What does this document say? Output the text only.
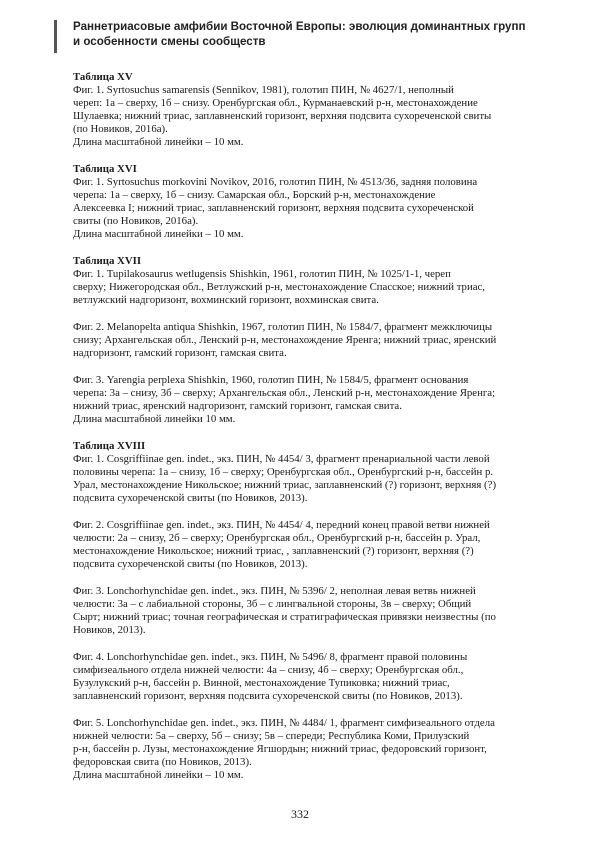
Раннетриасовые амфибии Восточной Европы: эволюция доминантных групп
и особенности смены сообществ
Таблица XV
Фиг. 1. Syrtosuchus samarensis (Sennikov, 1981), голотип ПИН, № 4627/1, неполный
череп: 1а – сверху, 1б – снизу. Оренбургская обл., Курманаевский р-н, местонахождение
Шулаевка; нижний триас, заплавненский горизонт, верхняя подсвита сухореченской свиты
(по Новиков, 2016а).
Длина масштабной линейки – 10 мм.
Таблица XVI
Фиг. 1. Syrtosuchus morkovini Novikov, 2016, голотип ПИН, № 4513/36, задняя половина
черепа: 1а – сверху, 1б – снизу. Самарская обл., Борский р-н, местонахождение
Алексеевка I; нижний триас, заплавненский горизонт, верхняя подсвита сухореченской
свиты (по Новиков, 2016а).
Длина масштабной линейки – 10 мм.
Таблица XVII
Фиг. 1. Tupilakosaurus wetlugensis Shishkin, 1961, голотип ПИН, № 1025/1-1, череп
сверху; Нижегородская обл., Ветлужский р-н, местонахождение Спасское; нижний триас,
ветлужский надгоризонт, вохминский горизонт, вохминская свита.
Фиг. 2. Melanopelta antiqua Shishkin, 1967, голотип ПИН, № 1584/7, фрагмент межключицы
снизу; Архангельская обл., Ленский р-н, местонахождение Яренга; нижний триас, яренский
надгоризонт, гамский горизонт, гамская свита.
Фиг. 3. Yarengia perplexa Shishkin, 1960, голотип ПИН, № 1584/5, фрагмент основания
черепа: 3а – снизу, 3б – сверху; Архангельская обл., Ленский р-н, местонахождение Яренга;
нижний триас, яренский надгоризонт, гамский горизонт, гамская свита.
Длина масштабной линейки 10 мм.
Таблица XVIII
Фиг. 1. Cosgriffiinae gen. indet., экз. ПИН, № 4454/ 3, фрагмент пренариальной части левой
половины черепа: 1а – снизу, 1б – сверху; Оренбургская обл., Оренбургский р-н, бассейн р.
Урал, местонахождение Никольское; нижний триас, заплавненский (?) горизонт, верхняя (?)
подсвита сухореченской свиты (по Новиков, 2013).
Фиг. 2. Cosgriffiinae gen. indet., экз. ПИН, № 4454/ 4, передний конец правой ветви нижней
челюсти: 2а – снизу, 2б – сверху; Оренбургская обл., Оренбургский р-н, бассейн р. Урал,
местонахождение Никольское; нижний триас, , заплавненский (?) горизонт, верхняя (?)
подсвита сухореченской свиты (по Новиков, 2013).
Фиг. 3. Lonchorhynchidae gen. indet., экз. ПИН, № 5396/ 2, неполная левая ветвь нижней
челюсти: 3а – с лабиальной стороны, 3б – с лингвальной стороны, 3в – сверху; Общий
Сырт; нижний триас; точная географическая и стратиграфическая привязки неизвестны (по
Новиков, 2013).
Фиг. 4. Lonchorhynchidae gen. indet., экз. ПИН, № 5496/ 8, фрагмент правой половины
симфизеального отдела нижней челюсти: 4а – снизу, 4б – сверху; Оренбургская обл.,
Бузулукский р-н, бассейн р. Винной, местонахождение Тупиковка; нижний триас,
заплавненский горизонт, верхняя подсвита сухореченской свиты (по Новиков, 2013).
Фиг. 5. Lonchorhynchidae gen. indet., экз. ПИН, № 4484/ 1, фрагмент симфизеального отдела
нижней челюсти: 5а – сверху, 5б – снизу; 5в – спереди; Республика Коми, Прилузский
р-н, бассейн р. Лузы, местонахождение Ягшордын; нижний триас, федоровский горизонт,
федоровская свита (по Новиков, 2013).
Длина масштабной линейки – 10 мм.
332
